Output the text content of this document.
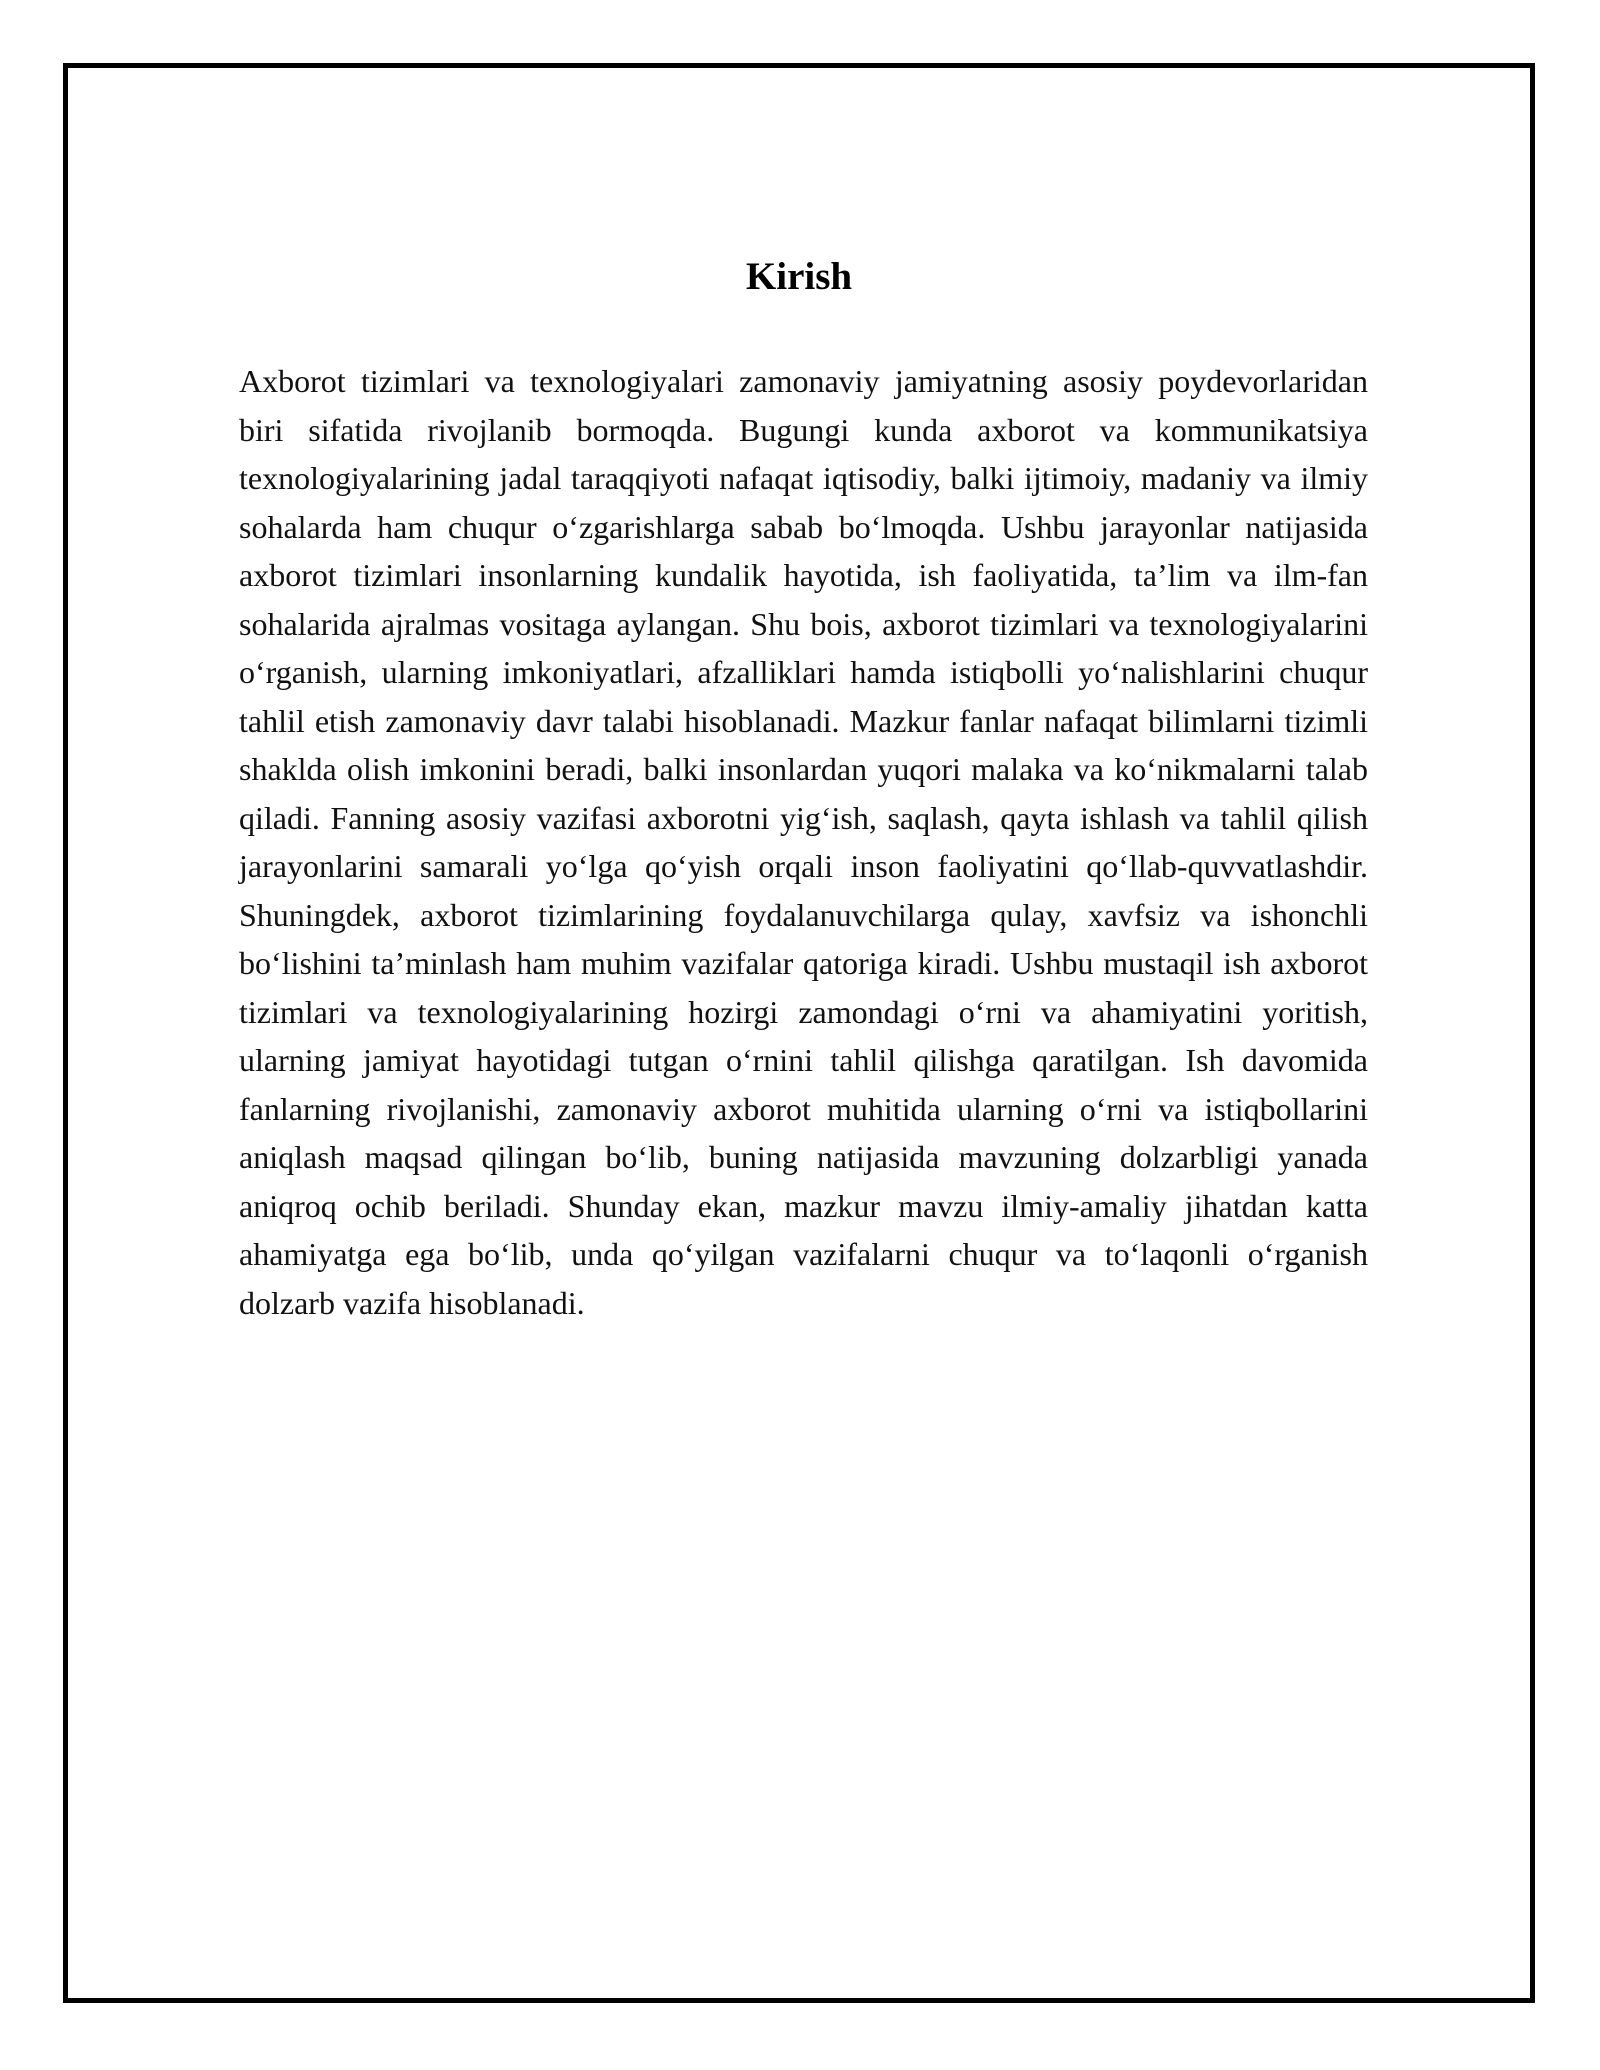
Kirish

Axborot tizimlari va texnologiyalari zamonaviy jamiyatning asosiy poydevorlaridan biri sifatida rivojlanib bormoqda. Bugungi kunda axborot va kommunikatsiya texnologiyalarining jadal taraqqiyoti nafaqat iqtisodiy, balki ijtimoiy, madaniy va ilmiy sohalarda ham chuqur o‘zgarishlarga sabab bo‘lmoqda. Ushbu jarayonlar natijasida axborot tizimlari insonlarning kundalik hayotida, ish faoliyatida, ta’lim va ilm-fan sohalarida ajralmas vositaga aylangan. Shu bois, axborot tizimlari va texnologiyalarini o‘rganish, ularning imkoniyatlari, afzalliklari hamda istiqbolli yo‘nalishlarini chuqur tahlil etish zamonaviy davr talabi hisoblanadi. Mazkur fanlar nafaqat bilimlarni tizimli shaklda olish imkonini beradi, balki insonlardan yuqori malaka va ko‘nikmalarni talab qiladi. Fanning asosiy vazifasi axborotni yig‘ish, saqlash, qayta ishlash va tahlil qilish jarayonlarini samarali yo‘lga qo‘yish orqali inson faoliyatini qo‘llab-quvvatlashdir. Shuningdek, axborot tizimlarining foydalanuvchilarga qulay, xavfsiz va ishonchli bo‘lishini ta’minlash ham muhim vazifalar qatoriga kiradi. Ushbu mustaqil ish axborot tizimlari va texnologiyalarining hozirgi zamondagi o‘rni va ahamiyatini yoritish, ularning jamiyat hayotidagi tutgan o‘rnini tahlil qilishga qaratilgan. Ish davomida fanlarning rivojlanishi, zamonaviy axborot muhitida ularning o‘rni va istiqbollarini aniqlash maqsad qilingan bo‘lib, buning natijasida mavzuning dolzarbligi yanada aniqroq ochib beriladi. Shunday ekan, mazkur mavzu ilmiy-amaliy jihatdan katta ahamiyatga ega bo‘lib, unda qo‘yilgan vazifalarni chuqur va to‘laqonli o‘rganish dolzarb vazifa hisoblanadi.
